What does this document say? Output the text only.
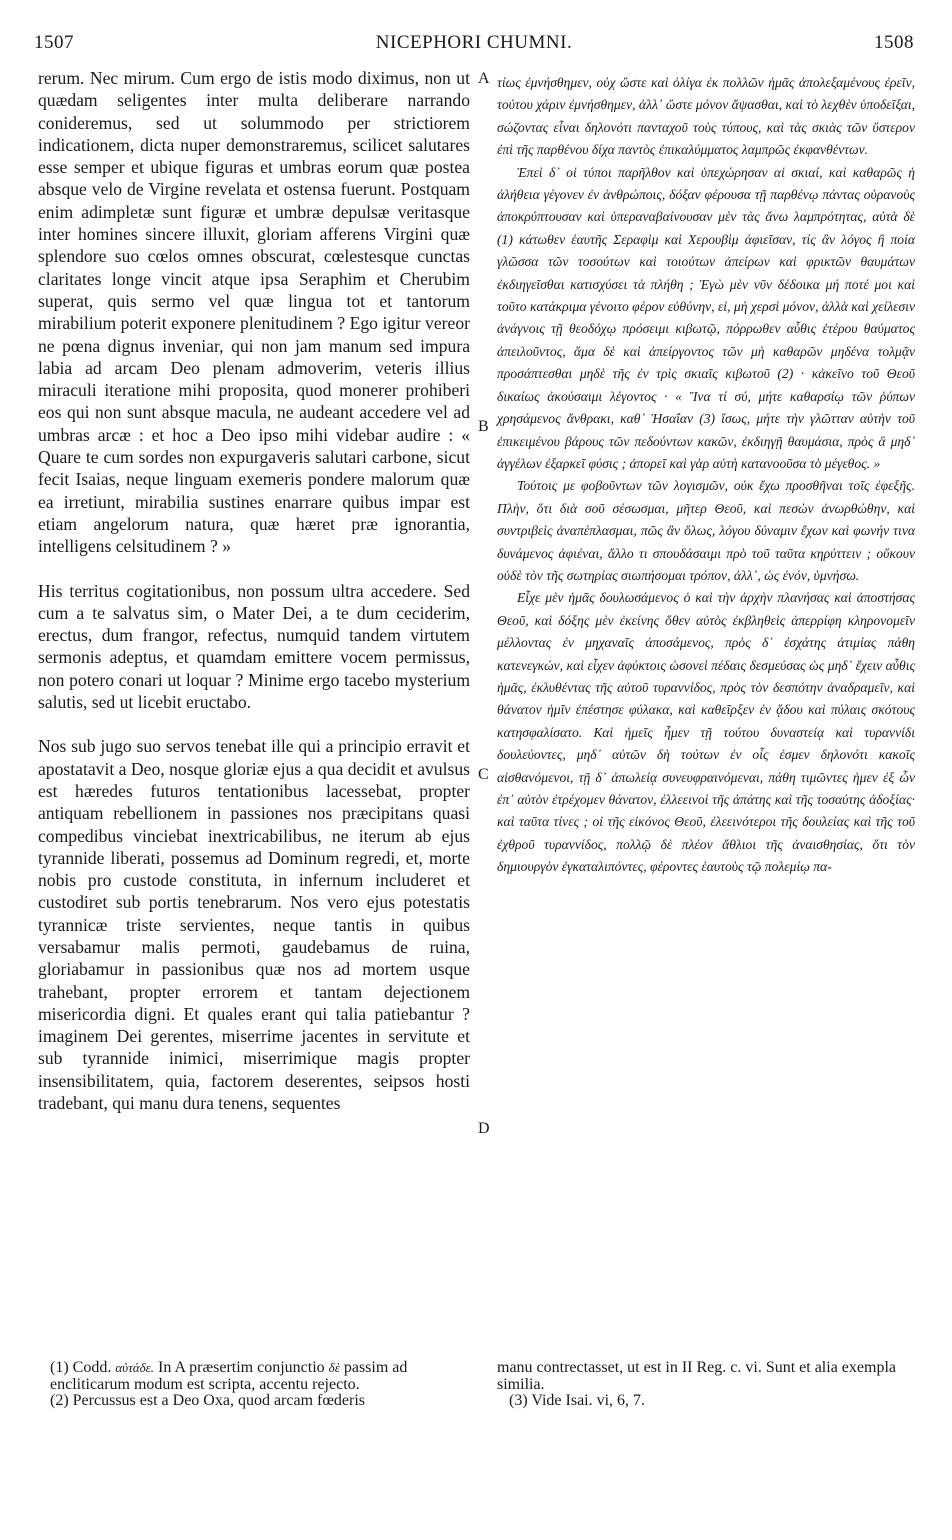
1507	NICEPHORI CHUMNI.	1508

rerum. Nec mirum. Cum ergo de istis modo diximus, non ut quædam seligentes inter multa deliberare narrando conideremus, sed ut solummodo per strictiorem indicationem, dicta nuper demonstraremus, scilicet salutares esse semper et ubique figuras et umbras eorum quæ postea absque velo de Virgine revelata et ostensa fuerunt. Postquam enim adimpletæ sunt figuræ et umbræ depulsæ veritasque inter homines sincere illuxit, gloriam afferens Virgini quæ splendore suo cœlos omnes obscurat, cœlestesque cunctas claritates longe vincit atque ipsa Seraphim et Cherubim superat, quis sermo vel quæ lingua tot et tantorum mirabilium poterit exponere plenitudinem ? Ego igitur vereor ne pœna dignus inveniar, qui non jam manum sed impura labia ad arcam Deo plenam admoverim, veteris illius miraculi iteratione mihi proposita, quod monerer prohiberi eos qui non sunt absque macula, ne audeant accedere vel ad umbras arcæ : et hoc a Deo ipso mihi videbar audire : « Quare te cum sordes non expurgaveris salutari carbone, sicut fecit Isaias, neque linguam exemeris pondere malorum quæ ea irretiunt, mirabilia sustines enarrare quibus impar est etiam angelorum natura, quæ hæret præ ignorantia, intelligens celsitudinem ? »

His territus cogitationibus, non possum ultra accedere. Sed cum a te salvatus sim, o Mater Dei, a te dum ceciderim, erectus, dum frangor, refectus, numquid tandem virtutem sermonis adeptus, et quamdam emittere vocem permissus, non potero conari ut loquar ? Minime ergo tacebo mysterium salutis, sed ut licebit eructabo.

Nos sub jugo suo servos tenebat ille qui a principio erravit et apostatavit a Deo, nosque gloriæ ejus a qua decidit et avulsus est hæredes futuros tentationibus lacessebat, propter antiquam rebellionem in passiones nos præcipitans quasi compedibus vinciebat inextricabilibus, ne iterum ab ejus tyrannide liberati, possemus ad Dominum regredi, et, morte nobis pro custode constituta, in infernum includeret et custodiret sub portis tenebrarum. Nos vero ejus potestatis tyrannicæ triste servientes, neque tantis in quibus versabamur malis permoti, gaudebamus de ruina, gloriabamur in passionibus quæ nos ad mortem usque trahebant, propter errorem et tantam dejectionem misericordia digni. Et quales erant qui talia patiebantur ? imaginem Dei gerentes, miserrime jacentes in servitute et sub tyrannide inimici, miserrimique magis propter insensibilitatem, quia, factorem deserentes, seipsos hosti tradebant, qui manu dura tenens, sequentes

A
B
C
D

τίως ἐμνήσθημεν, οὐχ ὥστε καὶ ὀλίγα ἐκ πολλῶν ἡμᾶς ἀπολεξαμένους ἐρεῖν, τούτου χάριν ἐμνήσθημεν, ἀλλ᾽ ὥστε μόνον ἄψασθαι, καὶ τὸ λεχθὲν ὑποδεῖξαι, σώζοντας εἶναι δηλονότι πανταχοῦ τοὺς τύπους, καὶ τὰς σκιὰς τῶν ὕστερον ἐπὶ τῆς παρθένου δίχα παντὸς ἐπικαλύμματος λαμπρῶς ἐκφανθέντων.

Ἐπεὶ δ᾽ οἱ τύποι παρῆλθον καὶ ὑπεχώρησαν αἱ σκιαί, καὶ καθαρῶς ἡ ἀλήθεια γέγονεν ἐν ἀνθρώποις, δόξαν φέρουσα τῇ παρθένῳ πάντας οὐρανοὺς ἀποκρύπτουσαν καὶ ὑπεραναβαίνουσαν μὲν τὰς ἄνω λαμπρότητας, αὐτὰ δὲ (1) κάτωθεν ἑαυτῆς Σεραφὶμ καὶ Χερουβὶμ ἀφιεῖσαν, τίς ἂν λόγος ἢ ποία γλῶσσα τῶν τοσούτων καὶ τοιούτων ἀπείρων καὶ φρικτῶν θαυμάτων ἐκδιηγεῖσθαι κατισχύσει τὰ πλήθη ; Ἐγὼ μὲν νῦν δέδοικα μή ποτέ μοι καὶ τοῦτο κατάκριμα γένοιτο φέρον εὐθύνην, εἰ, μὴ χερσὶ μόνον, ἀλλὰ καὶ χείλεσιν ἀνάγνοις τῇ θεοδόχῳ πρόσειμι κιβωτῷ, πόρρωθεν αὖθις ἑτέρου θαύματος ἀπειλοῦντος, ἅμα δὲ καὶ ἀπείργοντος τῶν μὴ καθαρῶν μηδένα τολμᾷν προσάπτεσθαι μηδὲ τῆς ἐν τρὶς σκιαῖς κιβωτοῦ (2) · κἀκεῖνο τοῦ Θεοῦ δικαίως ἀκούσαιμι λέγοντος · « Ἵνα τί σύ, μήτε καθαρσίῳ τῶν ῥύπων χρησάμενος ἄνθρακι, καθ᾽ Ἡσαΐαν (3) ἴσως, μήτε τὴν γλῶτταν αὐτὴν τοῦ ἐπικειμένου βάρους τῶν πεδούντων κακῶν, ἐκδιηγῇ θαυμάσια, πρὸς ἃ μηδ᾽ ἀγγέλων ἐξαρκεῖ φύσις ; ἀπορεῖ καὶ γὰρ αὐτὴ κατανοοῦσα τὸ μέγεθος. »

Τούτοις με φοβοῦντων τῶν λογισμῶν, οὐκ ἔχω προσθῆναι τοῖς ἐφεξῆς. Πλὴν, ὅτι διὰ σοῦ σέσωσμαι, μῆτερ Θεοῦ, καὶ πεσὼν ἀνωρθώθην, καὶ συντριβεὶς ἀναπέπλασμαι, πῶς ἂν ὅλως, λόγου δύναμιν ἔχων καὶ φωνήν τινα δυνάμενος ἀφιέναι, ἄλλο τι σπουδάσαιμι πρὸ τοῦ ταῦτα κηρύττειν ; οὔκουν οὐδὲ τὸν τῆς σωτηρίας σιωπήσομαι τρόπον, ἀλλ᾽, ὡς ἐνόν, ὑμνήσω.

Εἶχε μὲν ἡμᾶς δουλωσάμενος ὁ καὶ τὴν ἀρχὴν πλανήσας καὶ ἀποστήσας Θεοῦ, καὶ δόξης μὲν ἐκείνης ὅθεν αὐτὸς ἐκβληθεὶς ἀπερρίφη κληρονομεῖν μέλλοντας ἐν μηχαναῖς ἀποσάμενος, πρὸς δ᾽ ἐσχάτης ἀτιμίας πάθη κατενεγκών, καὶ εἶχεν ἀφύκτοις ὡσονεὶ πέδαις δεσμεύσας ὡς μηδ᾽ ἔχειν αὖθις ἡμᾶς, ἐκλυθέντας τῆς αὐτοῦ τυραννίδος, πρὸς τὸν δεσπότην ἀναδραμεῖν, καὶ θάνατον ἡμῖν ἐπέστησε φύλακα, καὶ καθεῖρξεν ἐν ᾅδου καὶ πύλαις σκότους κατησφαλίσατο. Καὶ ἡμεῖς ἦμεν τῇ τούτου δυναστείᾳ καὶ τυραννίδι δουλεύοντες, μηδ᾽ αὐτῶν δὴ τούτων ἐν οἷς ἐσμεν δηλονότι κακοῖς αἰσθανόμενοι, τῇ δ᾽ ἀπωλείᾳ συνευφραινόμεναι, πάθη τιμῶντες ἡμεν ἐξ ὧν ἐπ᾽ αὐτὸν ἐτρέχομεν θάνατον, ἐλλεεινοὶ τῆς ἀπάτης καὶ τῆς τοσαύτης ἀδοξίας· καὶ ταῦτα τίνες ; οἱ τῆς εἰκόνος Θεοῦ, ἐλεεινότεροι τῆς δουλείας καὶ τῆς τοῦ ἐχθροῦ τυραννίδος, πολλῷ δὲ πλέον ἄθλιοι τῆς ἀναισθησίας, ὅτι τὸν δημιουργὸν ἐγκαταλιπόντες, φέροντες ἑαυτοὺς τῷ πολεμίῳ πα-

(1) Codd. αὐτάδε. In A præsertim conjunctio δὲ passim ad encliticarum modum est scripta, accentu rejecto.

(2) Percussus est a Deo Oxa, quod arcam fœderis

manu contrectasset, ut est in II Reg. c. vi. Sunt et alia exempla similia.

(3) Vide Isai. vi, 6, 7.
